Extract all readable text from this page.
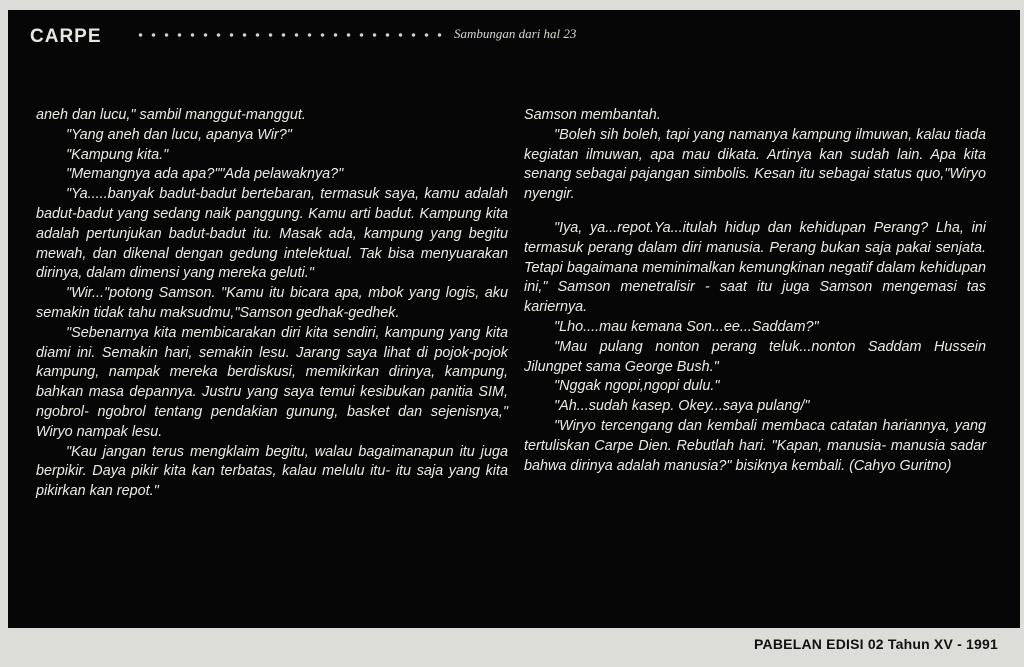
CARPE	Sambungan dari hal 23

aneh dan lucu," sambil manggut-manggut.

"Yang aneh dan lucu, apanya Wir?"

"Kampung kita."

"Memangnya ada apa?""Ada pelawaknya?"

"Ya.....banyak badut-badut bertebaran, termasuk saya, kamu adalah badut-badut yang sedang naik panggung. Kamu arti badut. Kampung kita adalah pertunjukan badut-badut itu. Masak ada, kampung yang begitu mewah, dan dikenal dengan gedung intelektual. Tak bisa menyuarakan dirinya, dalam dimensi yang mereka geluti."

"Wir..."potong Samson. "Kamu itu bicara apa, mbok yang logis, aku semakin tidak tahu maksudmu,"Samson gedhak-gedhek.

"Sebenarnya kita membicarakan diri kita sendiri, kampung yang kita diami ini. Semakin hari, semakin lesu. Jarang saya lihat di pojok-pojok kampung, nampak mereka berdiskusi, memikirkan dirinya, kampung, bahkan masa depannya. Justru yang saya temui kesibukan panitia SIM, ngobrol- ngobrol tentang pendakian gunung, basket dan sejenisnya," Wiryo nampak lesu.

"Kau jangan terus mengklaim begitu, walau bagaimanapun itu juga berpikir. Daya pikir kita kan terbatas, kalau melulu itu- itu saja yang kita pikirkan kan repot."

Samson membantah.

"Boleh sih boleh, tapi yang namanya kampung ilmuwan, kalau tiada kegiatan ilmuwan, apa mau dikata. Artinya kan sudah lain. Apa kita senang sebagai pajangan simbolis. Kesan itu sebagai status quo,"Wiryo nyengir.

"Iya, ya...repot.Ya...itulah hidup dan kehidupan Perang? Lha, ini termasuk perang dalam diri manusia. Perang bukan saja pakai senjata. Tetapi bagaimana meminimalkan kemungkinan negatif dalam kehidupan ini," Samson menetralisir - saat itu juga Samson mengemasi tas kariernya.

"Lho....mau kemana Son...ee...Saddam?"

"Mau pulang nonton perang teluk...nonton Saddam Hussein Jilungpet sama George Bush."

"Nggak ngopi,ngopi dulu."

"Ah...sudah kasep. Okey...saya pulang/"

"Wiryo tercengang dan kembali membaca catatan hariannya, yang tertuliskan Carpe Dien. Rebutlah hari. "Kapan, manusia- manusia sadar bahwa dirinya adalah manusia?" bisiknya kembali. (Cahyo Guritno)

PABELAN EDISI 02 Tahun XV - 1991
